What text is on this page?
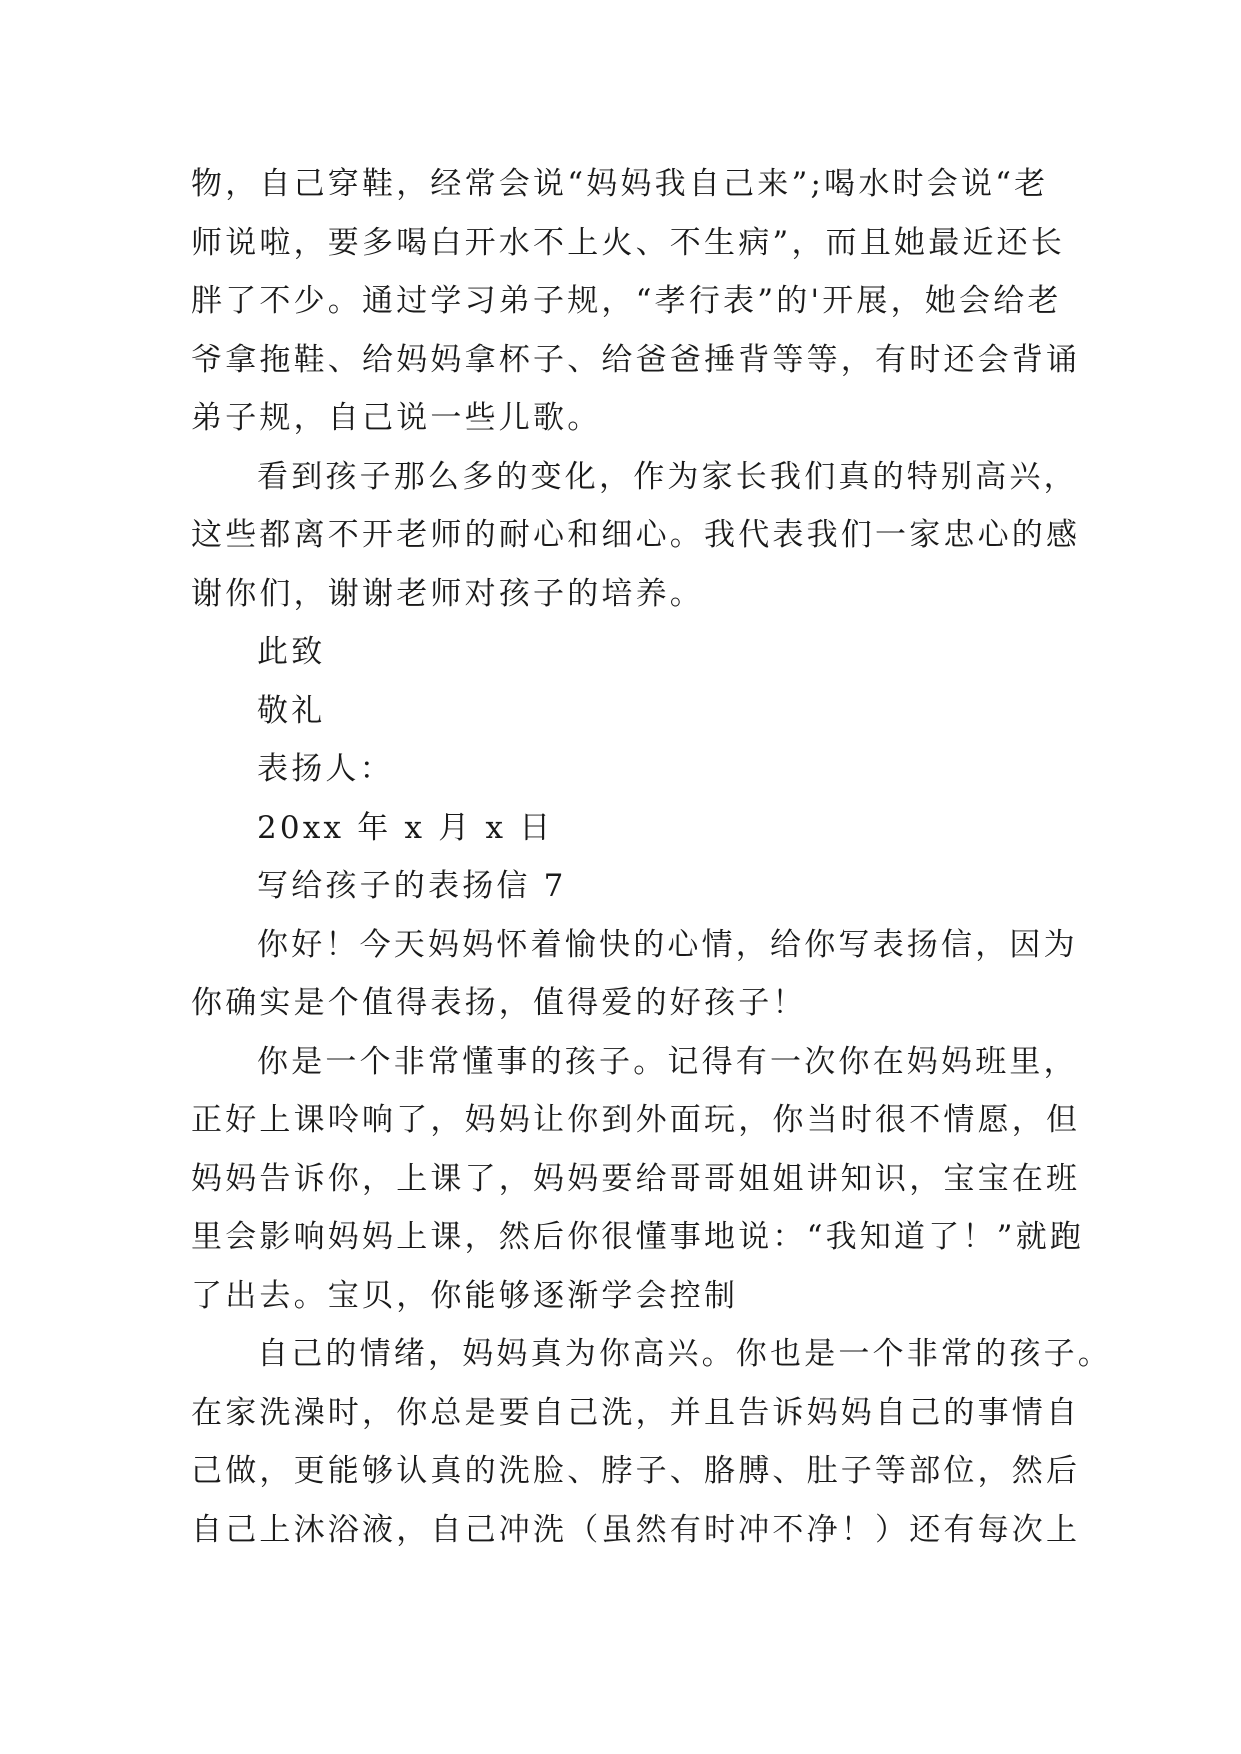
物，自己穿鞋，经常会说“妈妈我自己来”;喝水时会说“老
师说啦，要多喝白开水不上火、不生病”，而且她最近还长
胖了不少。通过学习弟子规，“孝行表”的'开展，她会给老
爷拿拖鞋、给妈妈拿杯子、给爸爸捶背等等，有时还会背诵
弟子规，自己说一些儿歌。
看到孩子那么多的变化，作为家长我们真的特别高兴，
这些都离不开老师的耐心和细心。我代表我们一家忠心的感
谢你们，谢谢老师对孩子的培养。
此致
敬礼
表扬人：
20xx 年 x 月 x 日
写给孩子的表扬信 7
你好！今天妈妈怀着愉快的心情，给你写表扬信，因为
你确实是个值得表扬，值得爱的好孩子！
你是一个非常懂事的孩子。记得有一次你在妈妈班里，
正好上课呤响了，妈妈让你到外面玩，你当时很不情愿，但
妈妈告诉你，上课了，妈妈要给哥哥姐姐讲知识，宝宝在班
里会影响妈妈上课，然后你很懂事地说：“我知道了！”就跑
了出去。宝贝，你能够逐渐学会控制
自己的情绪，妈妈真为你高兴。你也是一个非常的孩子。
在家洗澡时，你总是要自己洗，并且告诉妈妈自己的事情自
己做，更能够认真的洗脸、脖子、胳膊、肚子等部位，然后
自己上沐浴液，自己冲洗（虽然有时冲不净！）还有每次上
